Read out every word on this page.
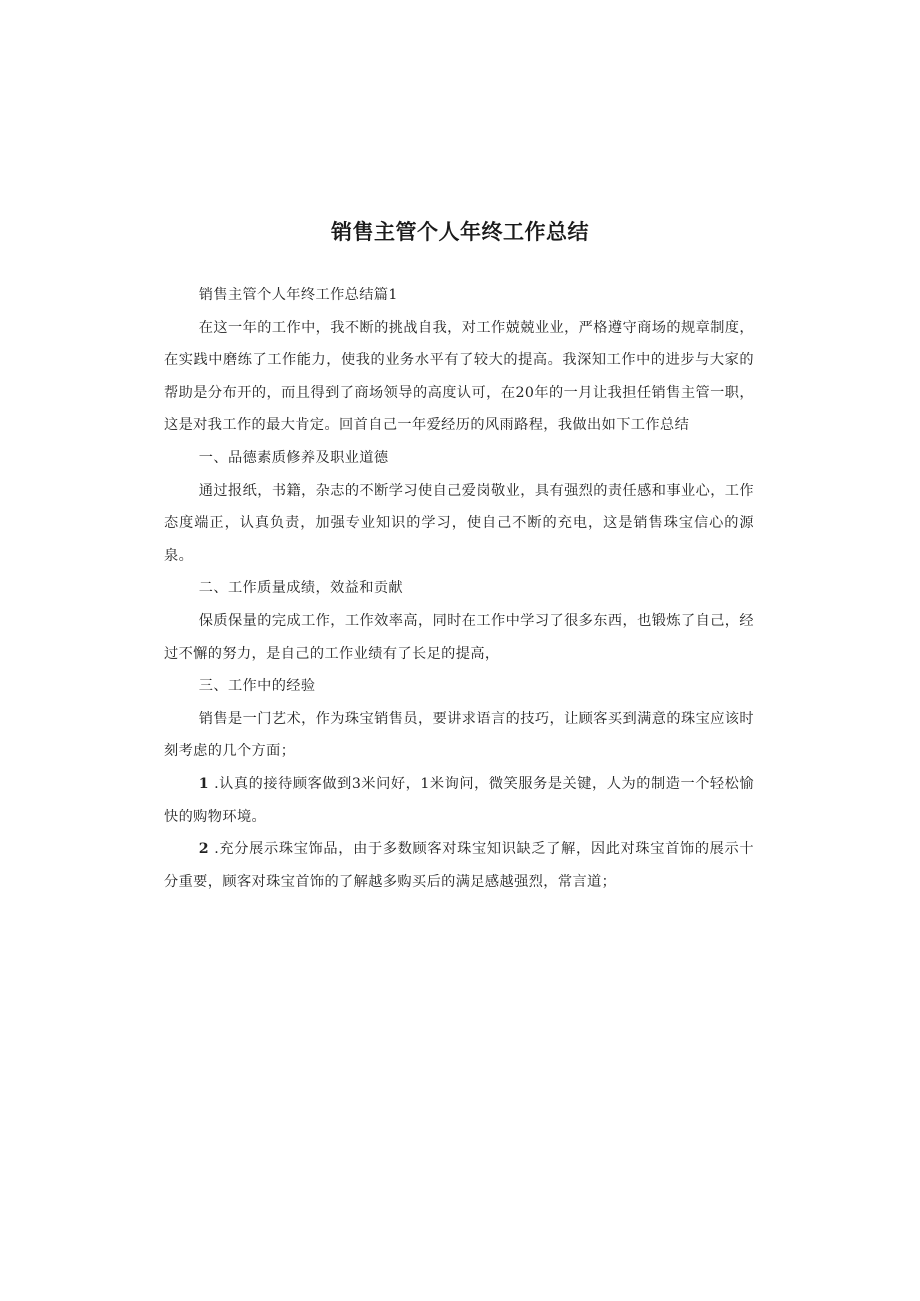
销售主管个人年终工作总结

销售主管个人年终工作总结篇1

在这一年的工作中，我不断的挑战自我，对工作兢兢业业，严格遵守商场的规章制度，在实践中磨练了工作能力，使我的业务水平有了较大的提高。我深知工作中的进步与大家的帮助是分布开的，而且得到了商场领导的高度认可，在20年的一月让我担任销售主管一职，这是对我工作的最大肯定。回首自己一年爱经历的风雨路程，我做出如下工作总结

一、品德素质修养及职业道德

通过报纸，书籍，杂志的不断学习使自己爱岗敬业，具有强烈的责任感和事业心，工作态度端正，认真负责，加强专业知识的学习，使自己不断的充电，这是销售珠宝信心的源泉。

二、工作质量成绩，效益和贡献

保质保量的完成工作，工作效率高，同时在工作中学习了很多东西，也锻炼了自己，经过不懈的努力，是自己的工作业绩有了长足的提高，

三、工作中的经验

销售是一门艺术，作为珠宝销售员，要讲求语言的技巧，让顾客买到满意的珠宝应该时刻考虑的几个方面；

1 .认真的接待顾客做到3米问好，1米询问，微笑服务是关键，人为的制造一个轻松愉快的购物环境。

2 .充分展示珠宝饰品，由于多数顾客对珠宝知识缺乏了解，因此对珠宝首饰的展示十分重要，顾客对珠宝首饰的了解越多购买后的满足感越强烈，常言道；
